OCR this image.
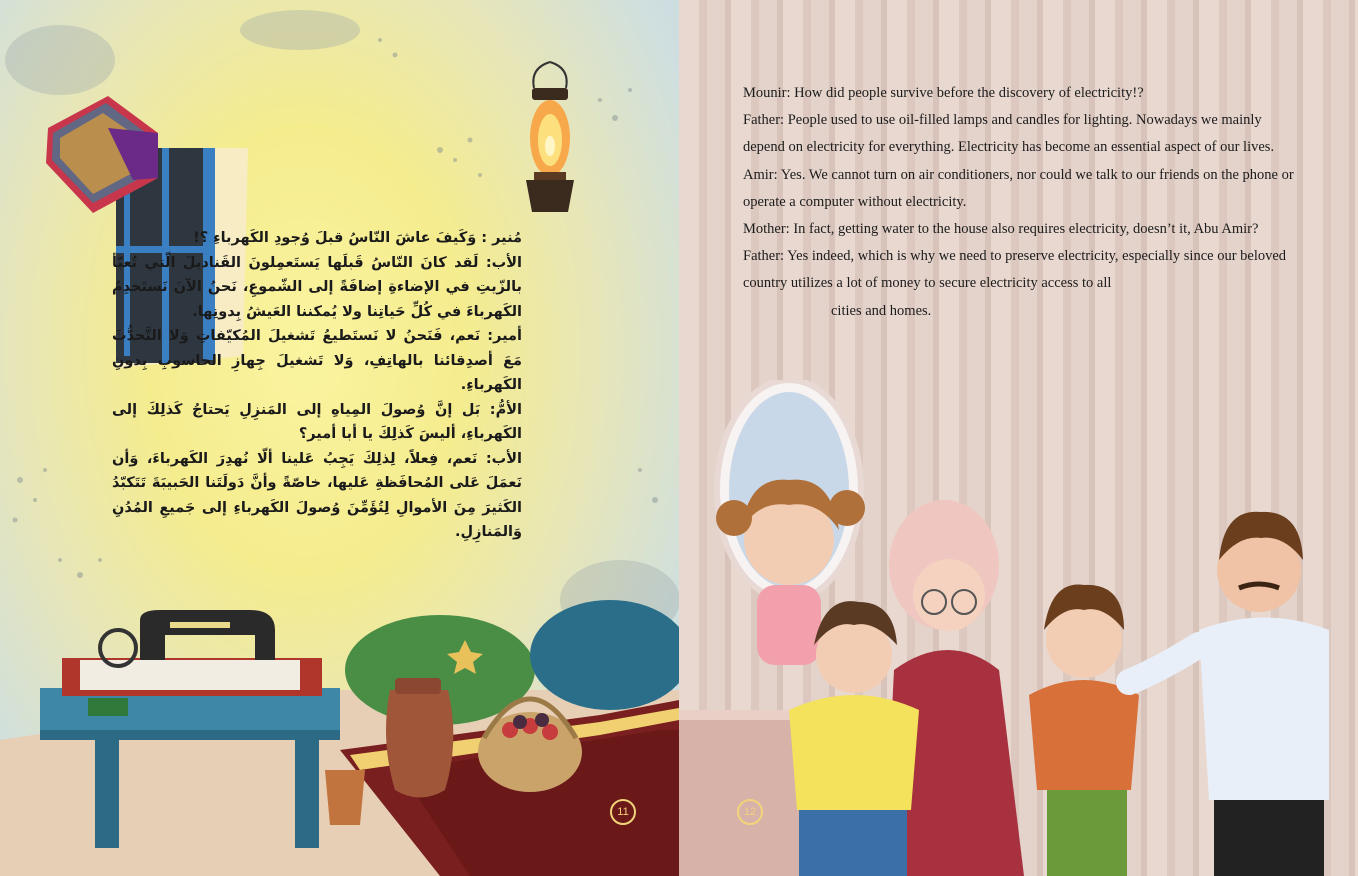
مُنير : وَكَيفَ عاشَ النّاسُ قبلَ وُجودِ الكَهرباءِ ؟!

الأب: لَقد كانَ النّاسُ قَبلَها يَستَعمِلونَ القَناديلَ الّتي تُعبّأ بالزّيتِ في الإضاءةِ إضافَةً إلى الشّموعِ، نَحنُ الآنَ نَستَخدِمُ الكَهرباءَ في كُلِّ حَياتِنا ولا يُمكننا العَيشُ بِدونِها.

أمير: نَعم، فَنَحنُ لا نَستَطيعُ تَشغيلَ المُكيّفاتِ وَلا التَّحدُّثَ مَعَ أصدِقائنا بالهاتِفِ، وَلا تَشغيلَ جِهازِ الحاسوبِ بِدونِ الكَهرباءِ.

الأمُّ: بَل إنَّ وُصولَ المِياهِ إلى المَنزِلِ يَحتاجُ كَذلِكَ إلى الكَهرباءِ، أليسَ كَذلِكَ يا أبا أمير؟

الأب: نَعم، فِعلاً، لِذلِكَ يَجِبُ عَلينا ألّا نُهدِرَ الكَهرباءَ، وَأن نَعمَلَ عَلى المُحافَظةِ عَليها، خاصّةً وأنَّ دَولَتَنا الحَبيبَةَ تَتَكبّدُ الكَثيرَ مِنَ الأموالِ لِتُؤَمِّنَ وُصولَ الكَهرباءِ إلى جَميعِ المُدُنِ وَالمَنازِلِ.

11

Mounir: How did people survive before the discovery of electricity!?

Father: People used to use oil-filled lamps and candles for lighting. Nowadays we mainly depend on electricity for everything. Electricity has become an essential aspect of our lives.

Amir: Yes. We cannot turn on air conditioners, nor could we talk to our friends on the phone or operate a computer without electricity.

Mother: In fact, getting water to the house also requires electricity, doesn’t it, Abu Amir?

Father: Yes indeed, which is why we need to preserve electricity, especially since our beloved country utilizes a lot of money to secure electricity access to all

cities and homes.

12
